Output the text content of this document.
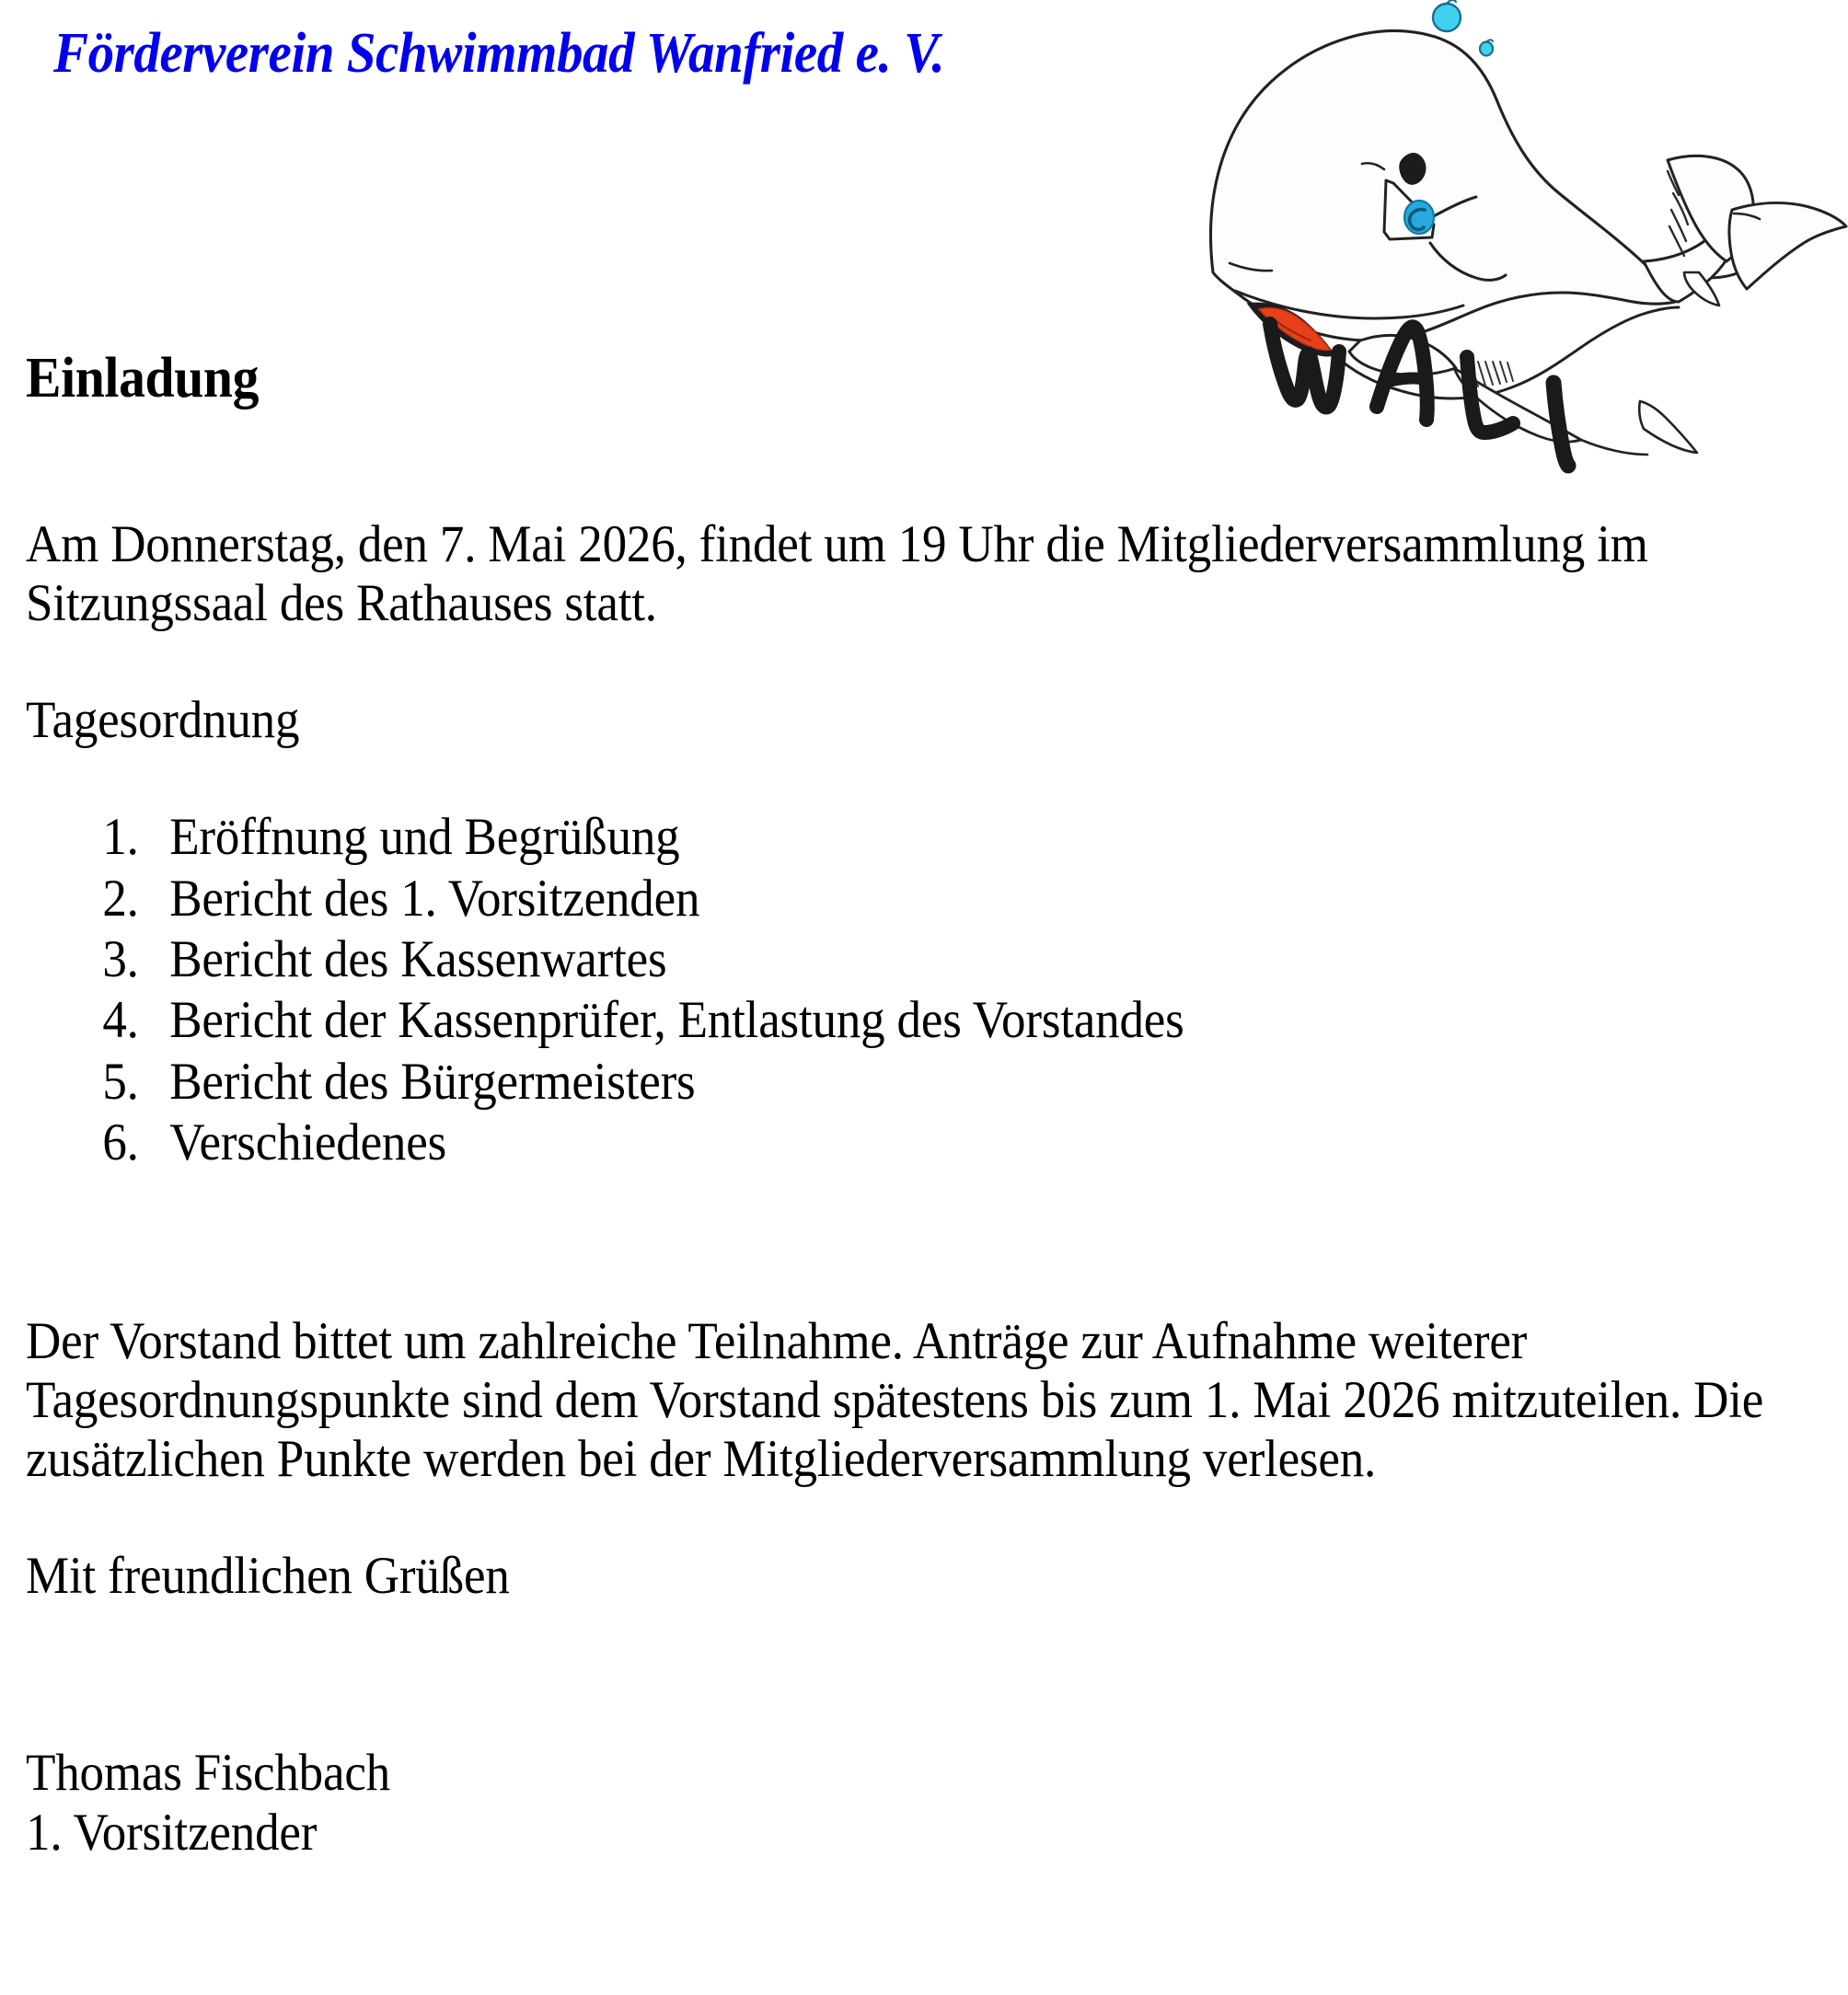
Förderverein Schwimmbad Wanfried e. V.
Einladung

Am Donnerstag, den 7. Mai 2026, findet um 19 Uhr die Mitgliederversammlung im Sitzungssaal des Rathauses statt.

Tagesordnung

1. Eröffnung und Begrüßung
2. Bericht des 1. Vorsitzenden
3. Bericht des Kassenwartes
4. Bericht der Kassenprüfer, Entlastung des Vorstandes
5. Bericht des Bürgermeisters
6. Verschiedenes

Der Vorstand bittet um zahlreiche Teilnahme. Anträge zur Aufnahme weiterer Tagesordnungspunkte sind dem Vorstand spätestens bis zum 1. Mai 2026 mitzuteilen. Die zusätzlichen Punkte werden bei der Mitgliederversammlung verlesen.

Mit freundlichen Grüßen

Thomas Fischbach
1. Vorsitzender
